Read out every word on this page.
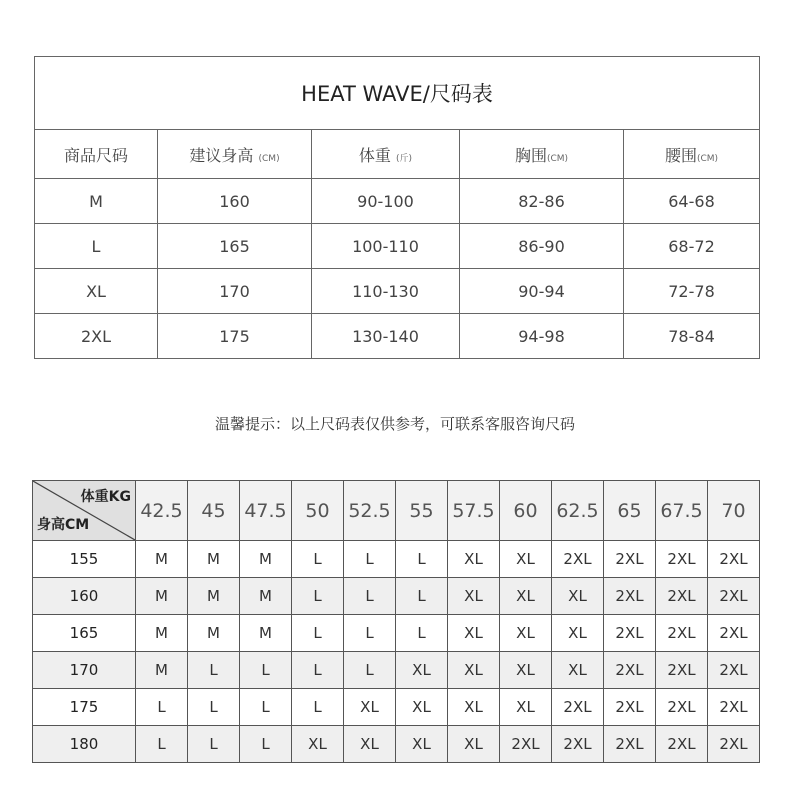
HEAT WAVE/尺码表				
商品尺码	建议身高 (CM)	体重 (斤)	胸围(CM)	腰围(CM)
M	160	90-100	82-86	64-68
L	165	100-110	86-90	68-72
XL	170	110-130	90-94	72-78
2XL	175	130-140	94-98	78-84
温馨提示：以上尺码表仅供参考，可联系客服咨询尺码
体重KG
身高CM	42.5	45	47.5	50	52.5	55	57.5	60	62.5	65	67.5	70
155	M	M	M	L	L	L	XL	XL	2XL	2XL	2XL	2XL
160	M	M	M	L	L	L	XL	XL	XL	2XL	2XL	2XL
165	M	M	M	L	L	L	XL	XL	XL	2XL	2XL	2XL
170	M	L	L	L	L	XL	XL	XL	XL	2XL	2XL	2XL
175	L	L	L	L	XL	XL	XL	XL	2XL	2XL	2XL	2XL
180	L	L	L	XL	XL	XL	XL	2XL	2XL	2XL	2XL	2XL
